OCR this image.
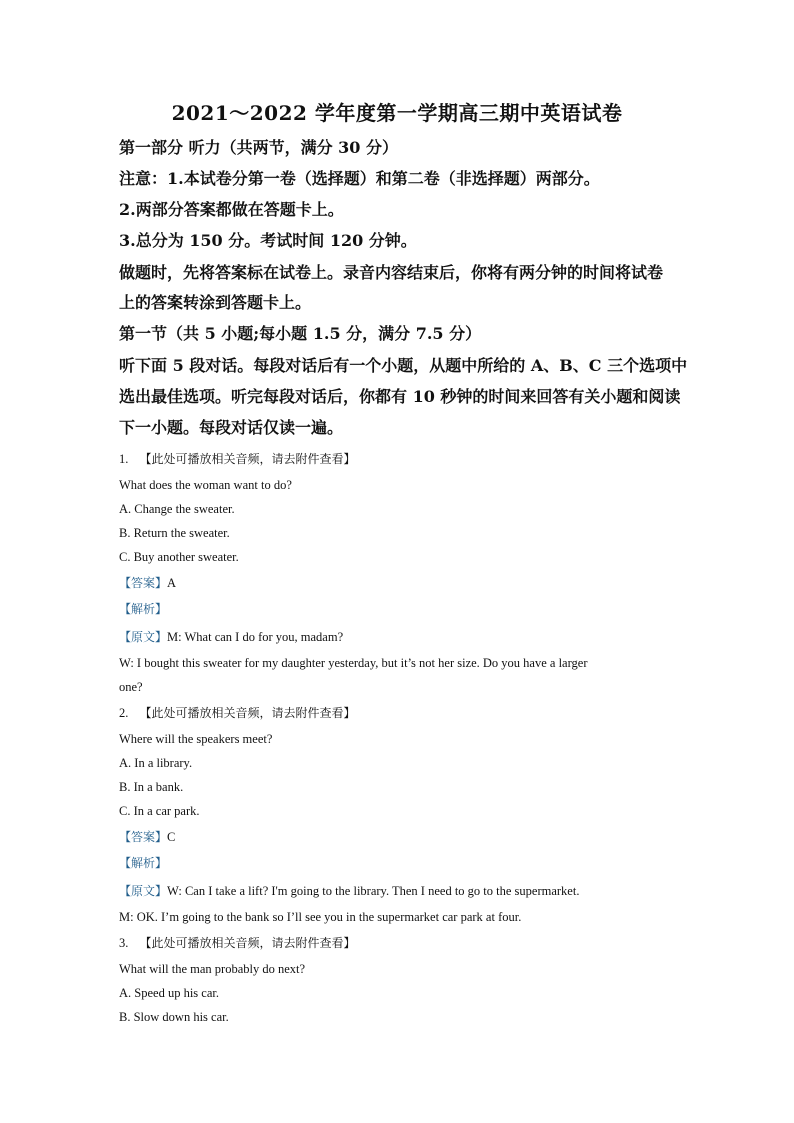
2021～2022 学年度第一学期高三期中英语试卷
第一部分 听力（共两节，满分 30 分）
注意：1.本试卷分第一卷（选择题）和第二卷（非选择题）两部分。
2.两部分答案都做在答题卡上。
3.总分为 150 分。考试时间 120 分钟。
做题时，先将答案标在试卷上。录音内容结束后，你将有两分钟的时间将试卷
上的答案转涂到答题卡上。
第一节（共 5 小题;每小题 1.5 分，满分 7.5 分）
听下面 5 段对话。每段对话后有一个小题，从题中所给的 A、B、C 三个选项中
选出最佳选项。听完每段对话后，你都有 10 秒钟的时间来回答有关小题和阅读
下一小题。每段对话仅读一遍。
1. 【此处可播放相关音频，请去附件查看】
What does the woman want to do?
A. Change the sweater.
B. Return the sweater.
C. Buy another sweater.
【答案】A
【解析】
【原文】M: What can I do for you, madam?
W: I bought this sweater for my daughter yesterday, but it’s not her size. Do you have a larger
one?
2. 【此处可播放相关音频，请去附件查看】
Where will the speakers meet?
A. In a library.
B. In a bank.
C. In a car park.
【答案】C
【解析】
【原文】W: Can I take a lift? I'm going to the library. Then I need to go to the supermarket.
M: OK. I’m going to the bank so I’ll see you in the supermarket car park at four.
3. 【此处可播放相关音频，请去附件查看】
What will the man probably do next?
A. Speed up his car.
B. Slow down his car.
